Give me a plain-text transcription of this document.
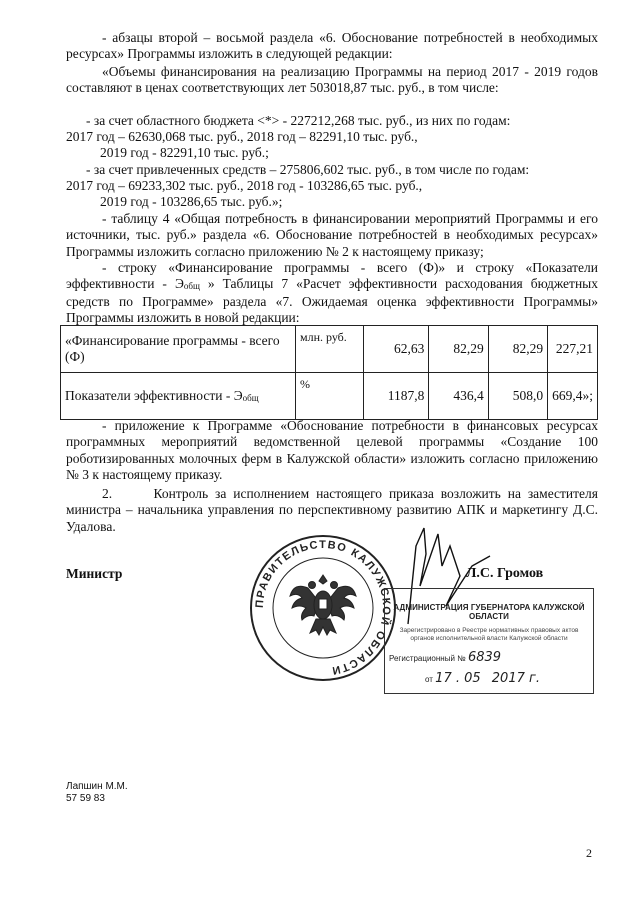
- абзацы второй – восьмой раздела «6. Обоснование потребностей в необходимых ресурсах» Программы изложить в следующей редакции:
«Объемы финансирования на реализацию Программы на период 2017 - 2019 годов составляют в ценах соответствующих лет 503018,87 тыс. руб., в том числе:
- за счет областного бюджета <*> - 227212,268 тыс. руб., из них по годам:
2017 год – 62630,068 тыс. руб., 2018 год – 82291,10 тыс. руб.,
2019 год - 82291,10 тыс. руб.;
- за счет привлеченных средств – 275806,602 тыс. руб., в том числе по годам:
2017 год – 69233,302 тыс. руб., 2018 год - 103286,65 тыс. руб.,
2019 год - 103286,65 тыс. руб.»;
- таблицу 4 «Общая потребность в финансировании мероприятий Программы и его источники, тыс. руб.» раздела «6. Обоснование потребностей в необходимых ресурсах» Программы изложить согласно приложению № 2 к настоящему приказу;
- строку «Финансирование программы - всего (Ф)» и строку «Показатели эффективности - Эобщ » Таблицы 7 «Расчет эффективности расходования бюджетных средств по Программе» раздела «7. Ожидаемая оценка эффективности Программы» Программы изложить в новой редакции:
«Финансирование программы - всего (Ф)	млн. руб.	62,63	82,29	82,29	227,21
Показатели эффективности - Эобщ	%	1187,8	436,4	508,0	669,4»;
- приложение к Программе «Обоснование потребности в финансовых ресурсах программных мероприятий ведомственной целевой программы «Создание 100 роботизированных молочных ферм в Калужской области» изложить согласно приложению № 3 к настоящему приказу.
2.	Контроль за исполнением настоящего приказа возложить на заместителя министра – начальника управления по перспективному развитию АПК и маркетингу Д.С. Удалова.
Министр
ПРАВИТЕЛЬСТВО КАЛУЖСКОЙ ОБЛАСТИ
Л.С. Громов
АДМИНИСТРАЦИЯ ГУБЕРНАТОРА КАЛУЖСКОЙ ОБЛАСТИ
Зарегистрировано в Реестре нормативных правовых актов органов исполнительной власти Калужской области
Регистрационный № 6839
от 17 . 05 2017 г.
Лапшин М.М.
57 59 83
2
